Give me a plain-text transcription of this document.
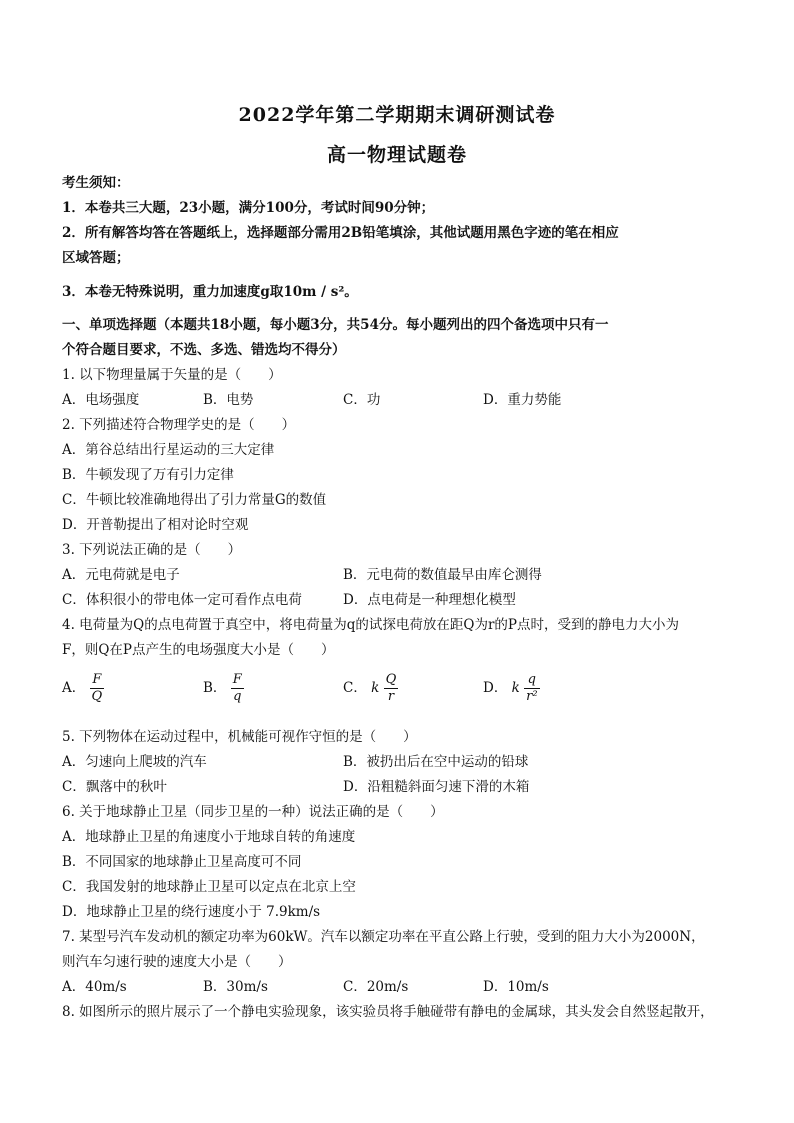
2022学年第二学期期末调研测试卷
高一物理试题卷
考生须知：
1．本卷共三大题，23小题，满分100分，考试时间90分钟；
2．所有解答均答在答题纸上，选择题部分需用2B铅笔填涂，其他试题用黑色字迹的笔在相应
区域答题；
3．本卷无特殊说明，重力加速度g取10m / s²。
一、单项选择题（本题共18小题，每小题3分，共54分。每小题列出的四个备选项中只有一
个符合题目要求，不选、多选、错选均不得分）
1. 以下物理量属于矢量的是（　　）
A．电场强度	B．电势	C．功	D．重力势能
2. 下列描述符合物理学史的是（　　）
A．第谷总结出行星运动的三大定律
B．牛顿发现了万有引力定律
C．牛顿比较准确地得出了引力常量G的数值
D．开普勒提出了相对论时空观
3. 下列说法正确的是（　　）
A．元电荷就是电子	B．元电荷的数值最早由库仑测得
C．体积很小的带电体一定可看作点电荷	D．点电荷是一种理想化模型
4. 电荷量为Q的点电荷置于真空中，将电荷量为q的试探电荷放在距Q为r的P点时，受到的静电力大小为
F，则Q在P点产生的电场强度大小是（　　）
A． $\frac{F}{Q}$	B． $\frac{F}{q}$	C． k $\frac{Q}{r}$	D． k $\frac{q}{\text{r²}}$
5. 下列物体在运动过程中，机械能可视作守恒的是（　　）
A．匀速向上爬坡的汽车	B．被扔出后在空中运动的铅球
C．飘落中的秋叶	D．沿粗糙斜面匀速下滑的木箱
6. 关于地球静止卫星（同步卫星的一种）说法正确的是（　　）
A．地球静止卫星的角速度小于地球自转的角速度
B．不同国家的地球静止卫星高度可不同
C．我国发射的地球静止卫星可以定点在北京上空
D．地球静止卫星的绕行速度小于 7.9km/s
7. 某型号汽车发动机的额定功率为60kW。汽车以额定功率在平直公路上行驶，受到的阻力大小为2000N，
则汽车匀速行驶的速度大小是（　　）
A．40m/s	B．30m/s	C．20m/s	D．10m/s
8. 如图所示的照片展示了一个静电实验现象，该实验员将手触碰带有静电的金属球，其头发会自然竖起散开，
